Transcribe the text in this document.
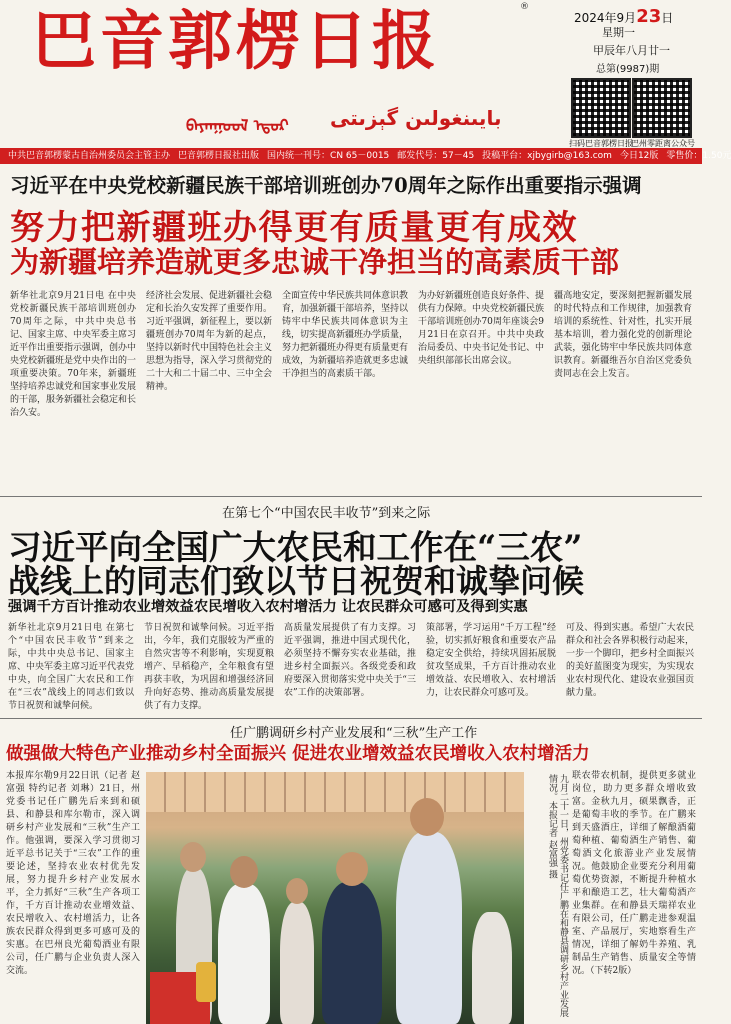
巴音郭楞日报	®
ᠪᠠᠶᠠᠨᠭᠣᠣᠯ ᠡᠳᠦᠷ بايىنغولىن گېزىتى
2024年9月23日
星期一
甲辰年八月廿一
总第(9987)期
扫码巴音郭楞日报
巴州零距离公众号
中共巴音郭楞蒙古自治州委员会主管主办 巴音郭楞日报社出版 国内统一刊号：CN 65－0015 邮发代号：57－45 投稿平台：xjbygirb@163.com 今日12版 零售价：1.50元
习近平在中央党校新疆民族干部培训班创办70周年之际作出重要指示强调
努力把新疆班办得更有质量更有成效
为新疆培养造就更多忠诚干净担当的高素质干部
新华社北京9月21日电 在中央党校新疆民族干部培训班创办70周年之际，中共中央总书记、国家主席、中央军委主席习近平作出重要指示强调，创办中央党校新疆班是党中央作出的一项重要决策。70年来，新疆班坚持培养忠诚党和国家事业发展的干部，服务新疆社会稳定和长治久安。
经济社会发展、促进新疆社会稳定和长治久安发挥了重要作用。习近平强调，新征程上，要以新疆班创办70周年为新的起点，坚持以新时代中国特色社会主义思想为指导，深入学习贯彻党的二十大和二十届二中、三中全会精神。
全面宣传中华民族共同体意识教育，加强新疆干部培养，坚持以铸牢中华民族共同体意识为主线，切实提高新疆班办学质量，努力把新疆班办得更有质量更有成效，为新疆培养造就更多忠诚干净担当的高素质干部。
为办好新疆班创造良好条件、提供有力保障。中央党校新疆民族干部培训班创办70周年座谈会9月21日在京召开。中共中央政治局委员、中央书记处书记、中央组织部部长出席会议。
疆高地安定，要深刻把握新疆发展的时代特点和工作规律，加强教育培训的系统性、针对性，扎实开展基本培训，着力强化党的创新理论武装，强化铸牢中华民族共同体意识教育。新疆维吾尔自治区党委负责同志在会上发言。
在第七个“中国农民丰收节”到来之际
习近平向全国广大农民和工作在“三农”
战线上的同志们致以节日祝贺和诚挚问候
强调千方百计推动农业增效益农民增收入农村增活力 让农民群众可感可及得到实惠
新华社北京9月21日电 在第七个“中国农民丰收节”到来之际，中共中央总书记、国家主席、中央军委主席习近平代表党中央，向全国广大农民和工作在“三农”战线上的同志们致以节日祝贺和诚挚问候。
节日祝贺和诚挚问候。习近平指出，今年，我们克服较为严重的自然灾害等不利影响，实现夏粮增产、早稻稳产，全年粮食有望再获丰收，为巩固和增强经济回升向好态势、推动高质量发展提供了有力支撑。
高质量发展提供了有力支撑。习近平强调，推进中国式现代化，必须坚持不懈夯实农业基础，推进乡村全面振兴。各级党委和政府要深入贯彻落实党中央关于“三农”工作的决策部署。
策部署，学习运用“千万工程”经验，切实抓好粮食和重要农产品稳定安全供给，持续巩固拓展脱贫攻坚成果，千方百计推动农业增效益、农民增收入、农村增活力，让农民群众可感可及。
可及、得到实惠。希望广大农民群众和社会各界积极行动起来，一步一个脚印，把乡村全面振兴的美好蓝图变为现实，为实现农业农村现代化、建设农业强国贡献力量。
任广鹏调研乡村产业发展和“三秋”生产工作
做强做大特色产业推动乡村全面振兴 促进农业增效益农民增收入农村增活力
本报库尔勒9月22日讯（记者 赵富强 特约记者 刘琳）21日，州党委书记任广鹏先后来到和硕县、和静县和库尔勒市，深入调研乡村产业发展和“三秋”生产工作。他强调，要深入学习贯彻习近平总书记关于“三农”工作的重要论述，坚持农业农村优先发展，努力提升乡村产业发展水平，全力抓好“三秋”生产各项工作，千方百计推动农业增效益、农民增收入、农村增活力，让各族农民群众得到更多可感可及的实惠。在巴州良光葡萄酒业有限公司，任广鹏与企业负责人深入交流。	九月二十一日，州党委书记任广鹏在和静县调研乡村产业发展情况。本报记者 赵富强 摄	联农带农机制，提供更多就业岗位，助力更多群众增收致富。金秋九月，硕果飘香，正是葡萄丰收的季节。在广鹏来到天盛酒庄，详细了解酿酒葡萄种植、葡萄酒生产销售、葡萄酒文化旅游业产业发展情况。他鼓励企业要充分利用葡萄优势资源，不断提升种植水平和酿造工艺，壮大葡萄酒产业集群。在和静县天瑞祥农业有限公司，任广鹏走进参观温室、产品展厅，实地察看生产情况，详细了解奶牛养殖、乳制品生产销售、质量安全等情况。（下转2版）
